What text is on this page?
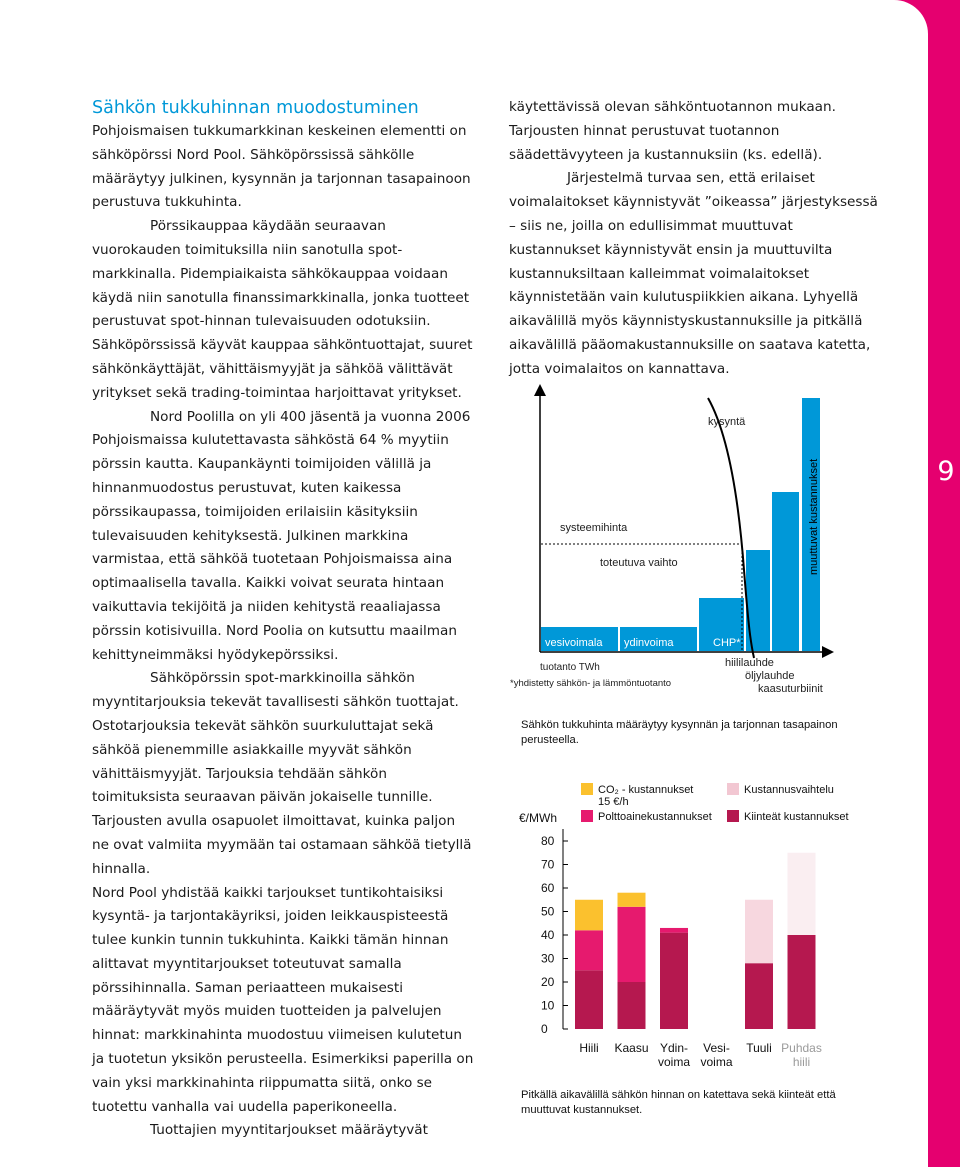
9
Sähkön tukkuhinnan muodostuminen

Pohjoismaisen tukkumarkkinan keskeinen elementti on sähköpörssi Nord Pool. Sähköpörssissä sähkölle määräytyy julkinen, kysynnän ja tarjonnan tasapainoon perustuva tukkuhinta.

Pörssikauppaa käydään seuraavan vuorokauden toimituksilla niin sanotulla spot-markkinalla. Pidempiaikaista sähkökauppaa voidaan käydä niin sanotulla finanssimarkkinalla, jonka tuotteet perustuvat spot-hinnan tulevaisuuden odotuksiin. Sähköpörssissä käyvät kauppaa sähköntuottajat, suuret sähkönkäyttäjät, vähittäismyyjät ja sähköä välittävät yritykset sekä trading-toimintaa harjoittavat yritykset.

Nord Poolilla on yli 400 jäsentä ja vuonna 2006 Pohjoismaissa kulutettavasta sähköstä 64 % myytiin pörssin kautta. Kaupankäynti toimijoiden välillä ja hinnanmuodostus perustuvat, kuten kaikessa pörssikaupassa, toimijoiden erilaisiin käsityksiin tulevaisuuden kehityksestä. Julkinen markkina varmistaa, että sähköä tuotetaan Pohjoismaissa aina optimaalisella tavalla. Kaikki voivat seurata hintaan vaikuttavia tekijöitä ja niiden kehitystä reaaliajassa pörssin kotisivuilla. Nord Poolia on kutsuttu maailman kehittyneimmäksi hyödykepörssiksi.

Sähköpörssin spot-markkinoilla sähkön myyntitarjouksia tekevät tavallisesti sähkön tuottajat. Ostotarjouksia tekevät sähkön suurkuluttajat sekä sähköä pienemmille asiakkaille myyvät sähkön vähittäismyyjät. Tarjouksia tehdään sähkön toimituksista seuraavan päivän jokaiselle tunnille. Tarjousten avulla osapuolet ilmoittavat, kuinka paljon ne ovat valmiita myymään tai ostamaan sähköä tietyllä hinnalla.

Nord Pool yhdistää kaikki tarjoukset tuntikohtaisiksi kysyntä- ja tarjontakäyriksi, joiden leikkauspisteestä tulee kunkin tunnin tukkuhinta. Kaikki tämän hinnan alittavat myyntitarjoukset toteutuvat samalla pörssihinnalla. Saman periaatteen mukaisesti määräytyvät myös muiden tuotteiden ja palvelujen hinnat: markkinahinta muodostuu viimeisen kulutetun ja tuotetun yksikön perusteella. Esimerkiksi paperilla on vain yksi markkinahinta riippumatta siitä, onko se tuotettu vanhalla vai uudella paperikoneella.

Tuottajien myyntitarjoukset määräytyvät

käytettävissä olevan sähköntuotannon mukaan. Tarjousten hinnat perustuvat tuotannon säädettävyyteen ja kustannuksiin (ks. edellä).

Järjestelmä turvaa sen, että erilaiset voimalaitokset käynnistyvät ”oikeassa” järjestyksessä – siis ne, joilla on edullisimmat muuttuvat kustannukset käynnistyvät ensin ja muuttuvilta kustannuksiltaan kalleimmat voimalaitokset käynnistetään vain kulutuspiikkien aikana. Lyhyellä aikavälillä myös käynnistyskustannuksille ja pitkällä aikavälillä pääomakustannuksille on saatava katetta, jotta voimalaitos on kannattava.

kysyntä
systeemihinta
toteutuva vaihto	muuttuvat kustannukset
vesivoimala ydinvoima	CHP*
tuotanto TWh	hiililauhde
öljylauhde
kaasuturbiinit
*yhdistetty sähkön- ja lämmöntuotanto

Sähkön tukkuhinta määräytyy kysynnän ja tarjonnan tasapainon perusteella.

€/MWh
0
10
20
30
40
50
60
70
80
Hiili Kaasu Ydin-voima
Vesi-voima
Tuuli Puhdas hiili
CO₂ - kustannukset 15 €/h
Polttoainekustannukset
Kustannusvaihtelu
Kiinteät kustannukset

Pitkällä aikavälillä sähkön hinnan on katettava sekä kiinteät että muuttuvat kustannukset.
